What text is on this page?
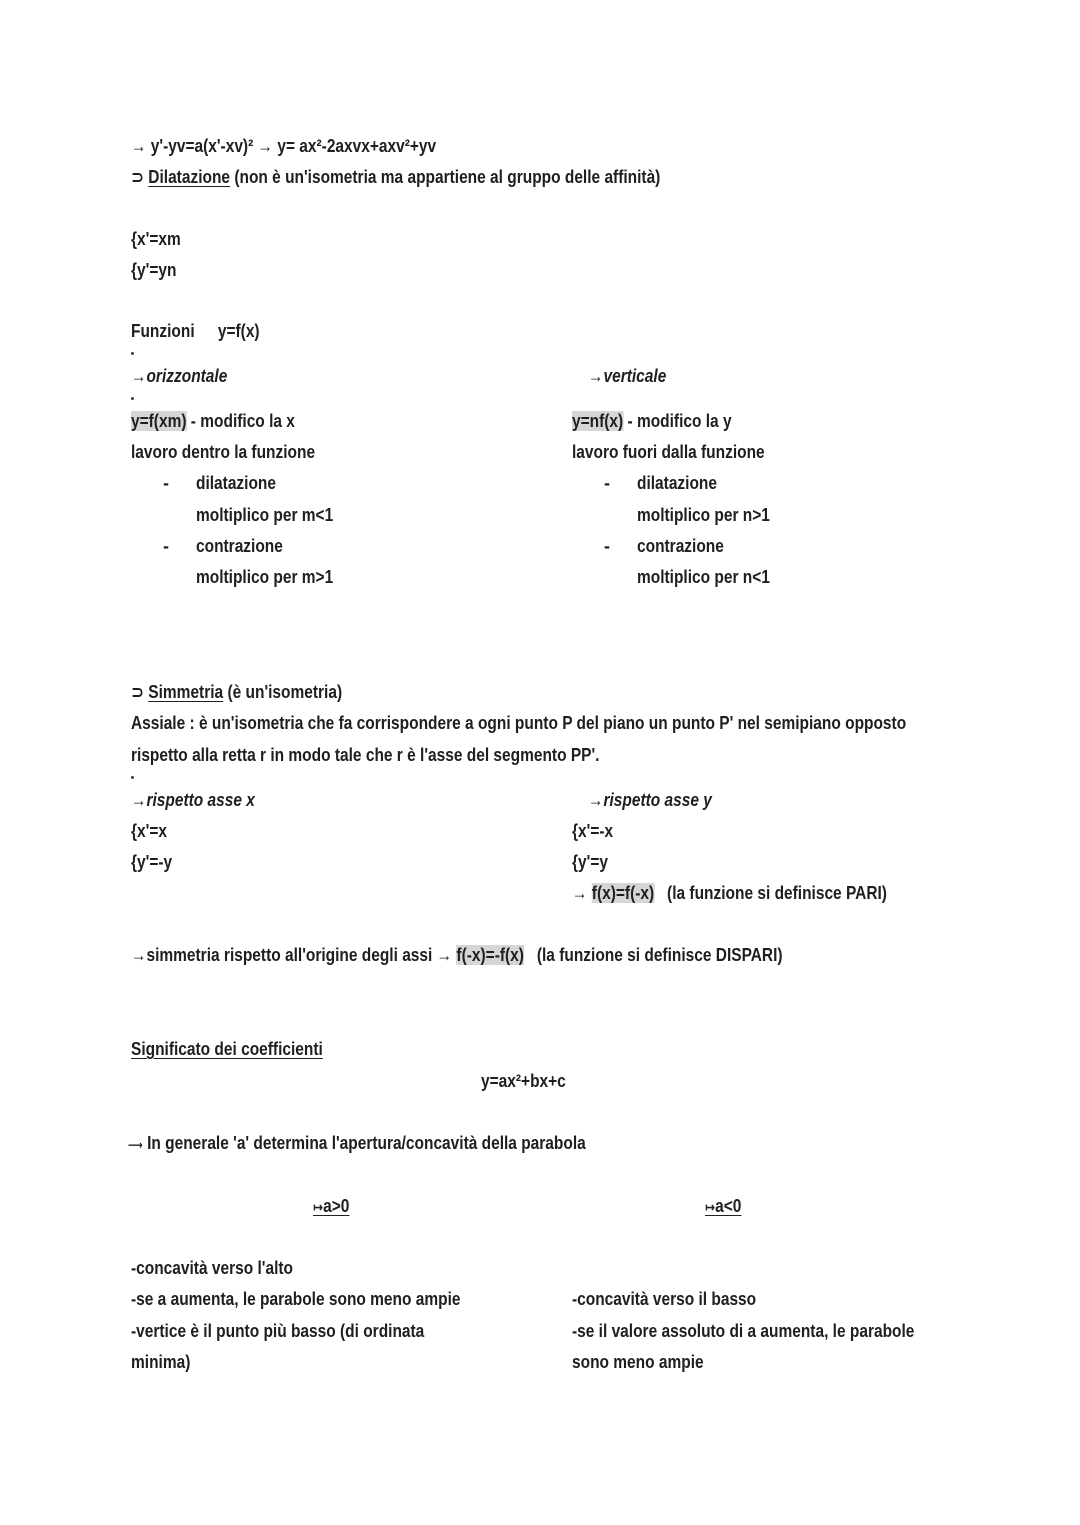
→ y'-yv=a(x'-xv)² → y= ax²-2axvx+axv²+yv
⊃ Dilatazione (non è un'isometria ma appartiene al gruppo delle affinità)
{x'=xm
{y'=yn
Funzioni y=f(x)
→orizzontale
y=f(xm) - modifico la x
lavoro dentro la funzione
- dilatazione
moltiplico per m<1
- contrazione
moltiplico per m>1
→verticale
y=nf(x) - modifico la y
lavoro fuori dalla funzione
- dilatazione
moltiplico per n>1
- contrazione
moltiplico per n<1
⊃ Simmetria (è un'isometria)
Assiale : è un'isometria che fa corrispondere a ogni punto P del piano un punto P' nel semipiano opposto
rispetto alla retta r in modo tale che r è l'asse del segmento PP'.
→rispetto asse x
{x'=x
{y'=-y
→rispetto asse y
{x'=-x
{y'=y
→ f(x)=f(-x) (la funzione si definisce PARI)
→simmetria rispetto all'origine degli assi → f(-x)=-f(x) (la funzione si definisce DISPARI)
Significato dei coefficienti
y=ax²+bx+c
⟶ In generale 'a' determina l'apertura/concavità della parabola
↦a>0	↦a<0
-concavità verso l'alto
-se a aumenta, le parabole sono meno ampie
-vertice è il punto più basso (di ordinata
minima)
-concavità verso il basso
-se il valore assoluto di a aumenta, le parabole
sono meno ampie
